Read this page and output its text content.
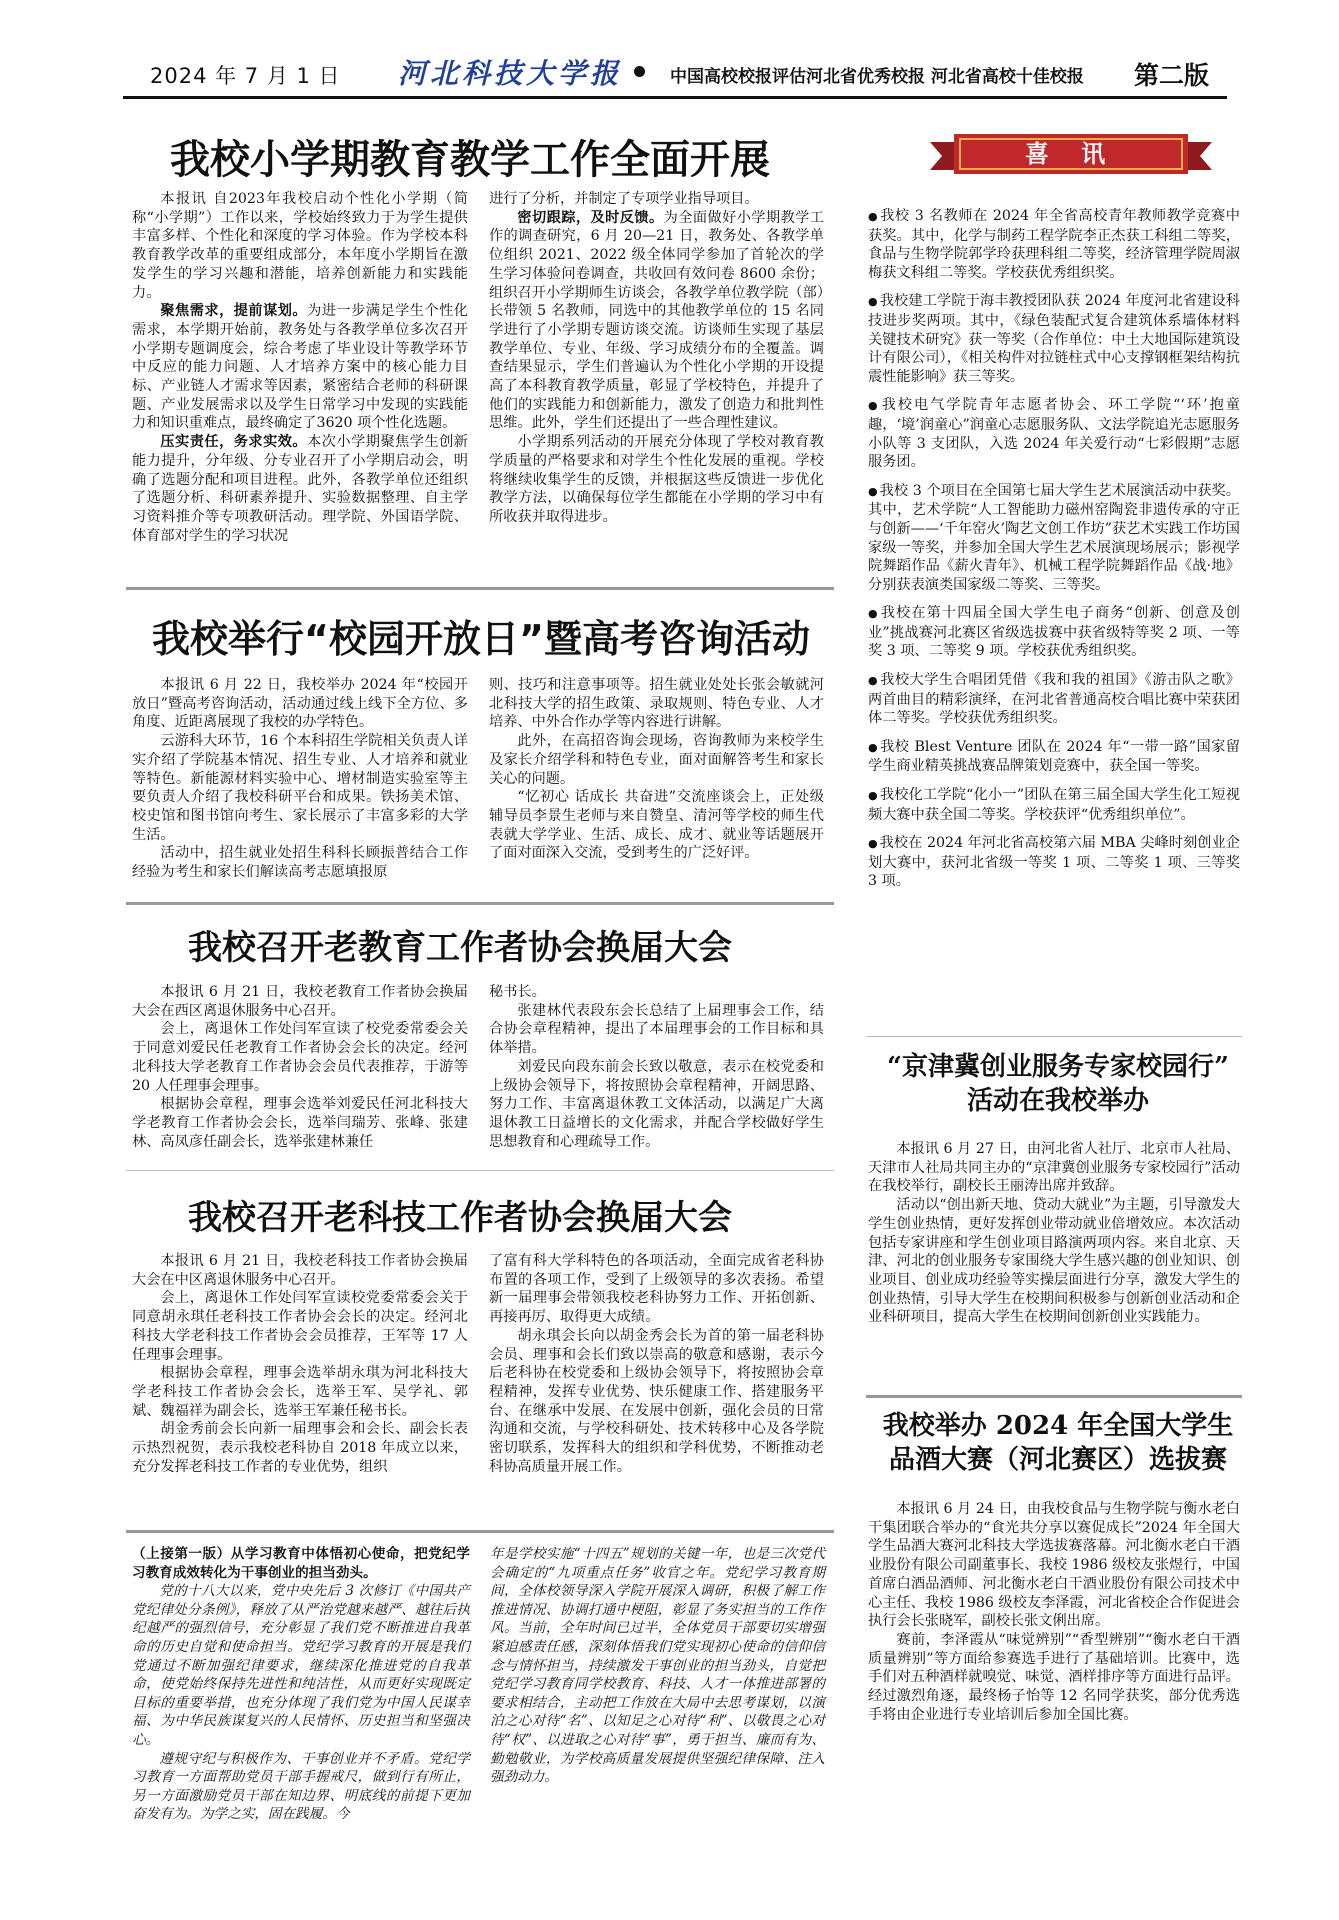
2024 年 7 月 1 日 河北科技大学报	中国高校校报评估河北省优秀校报 河北省高校十佳校报 第二版
我校小学期教育教学工作全面开展

本报讯 自2023年我校启动个性化小学期（简称“小学期”）工作以来，学校始终致力于为学生提供丰富多样、个性化和深度的学习体验。作为学校本科教育教学改革的重要组成部分，本年度小学期旨在激发学生的学习兴趣和潜能，培养创新能力和实践能力。

聚焦需求，提前谋划。为进一步满足学生个性化需求，本学期开始前，教务处与各教学单位多次召开小学期专题调度会，综合考虑了毕业设计等教学环节中反应的能力问题、人才培养方案中的核心能力目标、产业链人才需求等因素，紧密结合老师的科研课题、产业发展需求以及学生日常学习中发现的实践能力和知识重难点，最终确定了3620 项个性化选题。

压实责任，务求实效。本次小学期聚焦学生创新能力提升，分年级、分专业召开了小学期启动会，明确了选题分配和项目进程。此外，各教学单位还组织了选题分析、科研素养提升、实验数据整理、自主学习资料推介等专项教研活动。理学院、外国语学院、体育部对学生的学习状况

进行了分析，并制定了专项学业指导项目。

密切跟踪，及时反馈。为全面做好小学期教学工作的调查研究，6 月 20—21 日，教务处、各教学单位组织 2021、2022 级全体同学参加了首轮次的学生学习体验问卷调查，共收回有效问卷 8600 余份；组织召开小学期师生访谈会，各教学单位教学院（部）长带领 5 名教师，同选中的其他教学单位的 15 名同学进行了小学期专题访谈交流。访谈师生实现了基层教学单位、专业、年级、学习成绩分布的全覆盖。调查结果显示，学生们普遍认为个性化小学期的开设提高了本科教育教学质量，彰显了学校特色，并提升了他们的实践能力和创新能力，激发了创造力和批判性思维。此外，学生们还提出了一些合理性建议。

小学期系列活动的开展充分体现了学校对教育教学质量的严格要求和对学生个性化发展的重视。学校将继续收集学生的反馈，并根据这些反馈进一步优化教学方法，以确保每位学生都能在小学期的学习中有所收获并取得进步。

我校举行“校园开放日”暨高考咨询活动

本报讯 6 月 22 日，我校举办 2024 年“校园开放日”暨高考咨询活动，活动通过线上线下全方位、多角度、近距离展现了我校的办学特色。

云游科大环节，16 个本科招生学院相关负责人详实介绍了学院基本情况、招生专业、人才培养和就业等特色。新能源材料实验中心、增材制造实验室等主要负责人介绍了我校科研平台和成果。铁扬美术馆、校史馆和图书馆向考生、家长展示了丰富多彩的大学生活。

活动中，招生就业处招生科科长顾振普结合工作经验为考生和家长们解读高考志愿填报原

则、技巧和注意事项等。招生就业处处长张会敏就河北科技大学的招生政策、录取规则、特色专业、人才培养、中外合作办学等内容进行讲解。

此外，在高招咨询会现场，咨询教师为来校学生及家长介绍学科和特色专业，面对面解答考生和家长关心的问题。

“忆初心 话成长 共奋进”交流座谈会上，正处级辅导员李景生老师与来自赞皇、清河等学校的师生代表就大学学业、生活、成长、成才、就业等话题展开了面对面深入交流，受到考生的广泛好评。

我校召开老教育工作者协会换届大会

本报讯 6 月 21 日，我校老教育工作者协会换届大会在西区离退休服务中心召开。

会上，离退休工作处闫军宣读了校党委常委会关于同意刘爱民任老教育工作者协会会长的决定。经河北科技大学老教育工作者协会会员代表推荐，于游等 20 人任理事会理事。

根据协会章程，理事会选举刘爱民任河北科技大学老教育工作者协会会长，选举闫瑞芳、张峰、张建林、高凤彦任副会长，选举张建林兼任

秘书长。

张建林代表段东会长总结了上届理事会工作，结合协会章程精神，提出了本届理事会的工作目标和具体举措。

刘爱民向段东前会长致以敬意，表示在校党委和上级协会领导下，将按照协会章程精神，开阔思路、努力工作、丰富离退休教工文体活动，以满足广大离退休教工日益增长的文化需求，并配合学校做好学生思想教育和心理疏导工作。

我校召开老科技工作者协会换届大会

本报讯 6 月 21 日，我校老科技工作者协会换届大会在中区离退休服务中心召开。

会上，离退休工作处闫军宣读校党委常委会关于同意胡永琪任老科技工作者协会会长的决定。经河北科技大学老科技工作者协会会员推荐，王军等 17 人任理事会理事。

根据协会章程，理事会选举胡永琪为河北科技大学老科技工作者协会会长，选举王军、吴学礼、郭斌、魏福祥为副会长，选举王军兼任秘书长。

胡金秀前会长向新一届理事会和会长、副会长表示热烈祝贺，表示我校老科协自 2018 年成立以来，充分发挥老科技工作者的专业优势，组织

了富有科大学科特色的各项活动，全面完成省老科协布置的各项工作，受到了上级领导的多次表扬。希望新一届理事会带领我校老科协努力工作、开拓创新、再接再厉、取得更大成绩。

胡永琪会长向以胡金秀会长为首的第一届老科协会员、理事和会长们致以崇高的敬意和感谢，表示今后老科协在校党委和上级协会领导下，将按照协会章程精神，发挥专业优势、快乐健康工作、搭建服务平台、在继承中发展、在发展中创新，强化会员的日常沟通和交流，与学校科研处、技术转移中心及各学院密切联系，发挥科大的组织和学科优势，不断推动老科协高质量开展工作。

（上接第一版）从学习教育中体悟初心使命，把党纪学习教育成效转化为干事创业的担当劲头。

党的十八大以来，党中央先后 3 次修订《中国共产党纪律处分条例》，释放了从严治党越来越严、越往后执纪越严的强烈信号，充分彰显了我们党不断推进自我革命的历史自觉和使命担当。党纪学习教育的开展是我们党通过不断加强纪律要求，继续深化推进党的自我革命，使党始终保持先进性和纯洁性，从而更好实现既定目标的重要举措，也充分体现了我们党为中国人民谋幸福、为中华民族谋复兴的人民情怀、历史担当和坚强决心。

遵规守纪与积极作为、干事创业并不矛盾。党纪学习教育一方面帮助党员干部手握戒尺，做到行有所止，另一方面激励党员干部在知边界、明底线的前提下更加奋发有为。为学之实，固在践履。今

年是学校实施“十四五”规划的关键一年，也是三次党代会确定的“九项重点任务”收官之年。党纪学习教育期间，全体校领导深入学院开展深入调研，积极了解工作推进情况、协调打通中梗阻，彰显了务实担当的工作作风。当前，全年时间已过半，全体党员干部要切实增强紧迫感责任感，深刻体悟我们党实现初心使命的信仰信念与情怀担当，持续激发干事创业的担当劲头，自觉把党纪学习教育同学校教育、科技、人才一体推进部署的要求相结合，主动把工作放在大局中去思考谋划，以演泊之心对待“名”、以知足之心对待“利”、以敬畏之心对待“权”、以进取之心对待“事”，勇于担当、廉而有为、勤勉敬业，为学校高质量发展提供坚强纪律保障、注入强劲动力。
喜 讯
● 我校 3 名教师在 2024 年全省高校青年教师教学竞赛中获奖。其中，化学与制药工程学院李正杰获工科组二等奖，食品与生物学院郭学玲获理科组二等奖，经济管理学院周淑梅获文科组二等奖。学校获优秀组织奖。
● 我校建工学院于海丰教授团队获 2024 年度河北省建设科技进步奖两项。其中，《绿色装配式复合建筑体系墙体材料关键技术研究》获一等奖（合作单位：中土大地国际建筑设计有限公司），《相关构件对拉链柱式中心支撑钢框架结构抗震性能影响》获三等奖。
● 我校电气学院青年志愿者协会、环工学院“‘环’抱童趣，‘境’润童心”润童心志愿服务队、文法学院追光志愿服务小队等 3 支团队，入选 2024 年关爱行动“七彩假期”志愿服务团。
● 我校 3 个项目在全国第七届大学生艺术展演活动中获奖。其中，艺术学院“人工智能助力磁州窑陶瓷非遗传承的守正与创新——‘千年窑火’陶艺文创工作坊”获艺术实践工作坊国家级一等奖，并参加全国大学生艺术展演现场展示；影视学院舞蹈作品《薪火青年》、机械工程学院舞蹈作品《战·地》分别获表演类国家级二等奖、三等奖。
● 我校在第十四届全国大学生电子商务“创新、创意及创业”挑战赛河北赛区省级选拔赛中获省级特等奖 2 项、一等奖 3 项、二等奖 9 项。学校获优秀组织奖。
● 我校大学生合唱团凭借《我和我的祖国》《游击队之歌》两首曲目的精彩演绎，在河北省普通高校合唱比赛中荣获团体二等奖。学校获优秀组织奖。
● 我校 Blest Venture 团队在 2024 年“一带一路”国家留学生商业精英挑战赛品牌策划竞赛中，获全国一等奖。
● 我校化工学院“化小一”团队在第三届全国大学生化工短视频大赛中获全国二等奖。学校获评“优秀组织单位”。
● 我校在 2024 年河北省高校第六届 MBA 尖峰时刻创业企划大赛中，获河北省级一等奖 1 项、二等奖 1 项、三等奖 3 项。
“京津冀创业服务专家校园行”
活动在我校举办

本报讯 6 月 27 日，由河北省人社厅、北京市人社局、天津市人社局共同主办的“京津冀创业服务专家校园行”活动在我校举行，副校长王丽涛出席并致辞。

活动以“创出新天地、贷动大就业”为主题，引导激发大学生创业热情，更好发挥创业带动就业倍增效应。本次活动包括专家讲座和学生创业项目路演两项内容。来自北京、天津、河北的创业服务专家围绕大学生感兴趣的创业知识、创业项目、创业成功经验等实操层面进行分享，激发大学生的创业热情，引导大学生在校期间积极参与创新创业活动和企业科研项目，提高大学生在校期间创新创业实践能力。

我校举办 2024 年全国大学生
品酒大赛（河北赛区）选拔赛

本报讯 6 月 24 日，由我校食品与生物学院与衡水老白干集团联合举办的“食光共分享以赛促成长”2024 年全国大学生品酒大赛河北科技大学选拔赛落幕。河北衡水老白干酒业股份有限公司副董事长、我校 1986 级校友张煜行，中国首席白酒品酒师、河北衡水老白干酒业股份有限公司技术中心主任、我校 1986 级校友李泽霞，河北省校企合作促进会执行会长张晓军，副校长张文俐出席。

赛前，李泽霞从“味觉辨别”“香型辨别”“衡水老白干酒质量辨别”等方面给参赛选手进行了基础培训。比赛中，选手们对五种酒样就嗅觉、味觉、酒样排序等方面进行品评。经过激烈角逐，最终杨子怡等 12 名同学获奖，部分优秀选手将由企业进行专业培训后参加全国比赛。
